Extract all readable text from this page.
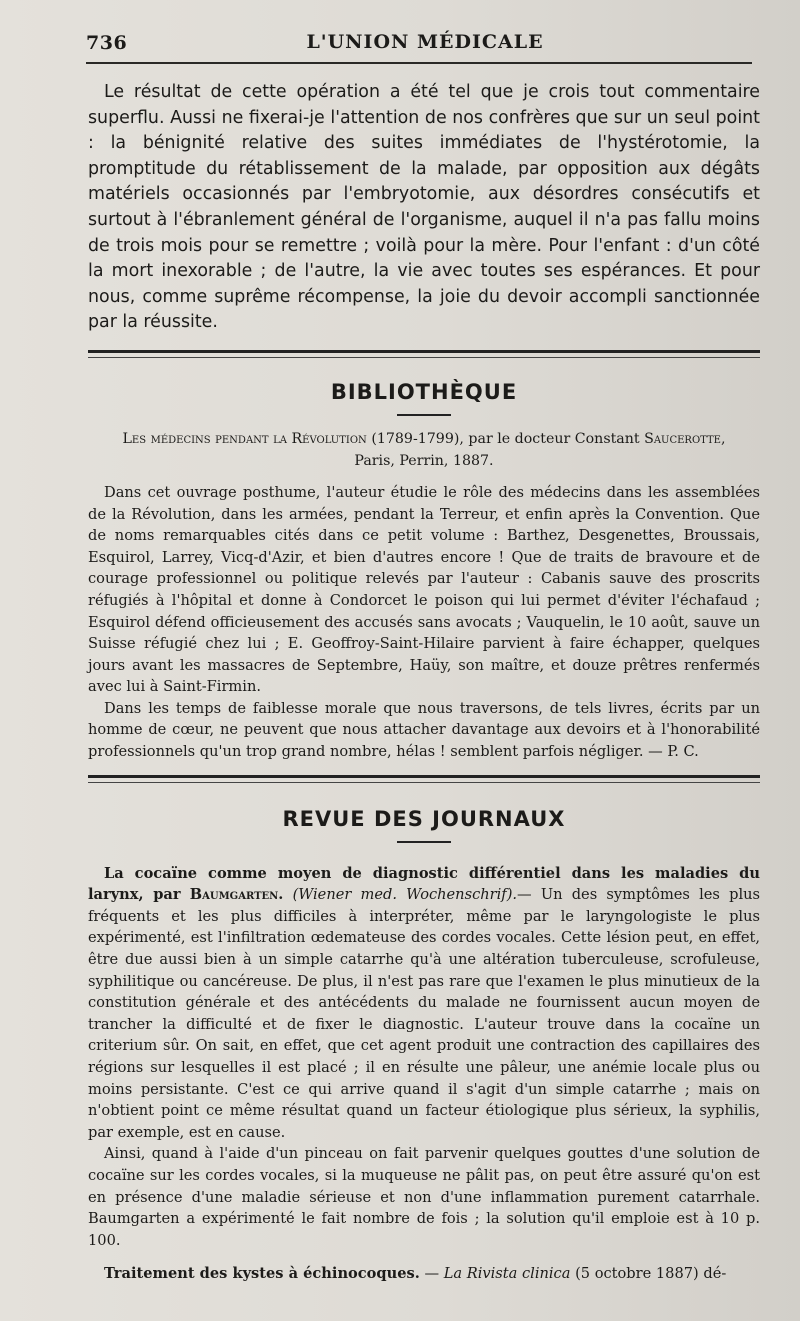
736	L'UNION MÉDICALE

Le résultat de cette opération a été tel que je crois tout commentaire superflu. Aussi ne fixerai-je l'attention de nos confrères que sur un seul point : la bénignité relative des suites immédiates de l'hystérotomie, la promptitude du rétablissement de la malade, par opposition aux dégâts matériels occasionnés par l'embryotomie, aux désordres consécutifs et surtout à l'ébranlement général de l'organisme, auquel il n'a pas fallu moins de trois mois pour se remettre ; voilà pour la mère. Pour l'enfant : d'un côté la mort inexorable ; de l'autre, la vie avec toutes ses espérances. Et pour nous, comme suprême récompense, la joie du devoir accompli sanctionnée par la réussite.

BIBLIOTHÈQUE

Les médecins pendant la Révolution (1789-1799), par le docteur Constant Saucerotte,
Paris, Perrin, 1887.

Dans cet ouvrage posthume, l'auteur étudie le rôle des médecins dans les assemblées de la Révolution, dans les armées, pendant la Terreur, et enfin après la Convention. Que de noms remarquables cités dans ce petit volume : Barthez, Desgenettes, Broussais, Esquirol, Larrey, Vicq-d'Azir, et bien d'autres encore ! Que de traits de bravoure et de courage professionnel ou politique relevés par l'auteur : Cabanis sauve des proscrits réfugiés à l'hôpital et donne à Condorcet le poison qui lui permet d'éviter l'échafaud ; Esquirol défend officieusement des accusés sans avocats ; Vauquelin, le 10 août, sauve un Suisse réfugié chez lui ; E. Geoffroy-Saint-Hilaire parvient à faire échapper, quelques jours avant les massacres de Septembre, Haüy, son maître, et douze prêtres renfermés avec lui à Saint-Firmin.

Dans les temps de faiblesse morale que nous traversons, de tels livres, écrits par un homme de cœur, ne peuvent que nous attacher davantage aux devoirs et à l'honorabilité professionnels qu'un trop grand nombre, hélas ! semblent parfois négliger. — P. C.

REVUE DES JOURNAUX

La cocaïne comme moyen de diagnostic différentiel dans les maladies du larynx, par Baumgarten. (Wiener med. Wochenschrif).— Un des symptômes les plus fréquents et les plus difficiles à interpréter, même par le laryngologiste le plus expérimenté, est l'infiltration œdemateuse des cordes vocales. Cette lésion peut, en effet, être due aussi bien à un simple catarrhe qu'à une altération tuberculeuse, scrofuleuse, syphilitique ou cancéreuse. De plus, il n'est pas rare que l'examen le plus minutieux de la constitution générale et des antécédents du malade ne fournissent aucun moyen de trancher la difficulté et de fixer le diagnostic. L'auteur trouve dans la cocaïne un criterium sûr. On sait, en effet, que cet agent produit une contraction des capillaires des régions sur lesquelles il est placé ; il en résulte une pâleur, une anémie locale plus ou moins persistante. C'est ce qui arrive quand il s'agit d'un simple catarrhe ; mais on n'obtient point ce même résultat quand un facteur étiologique plus sérieux, la syphilis, par exemple, est en cause.

Ainsi, quand à l'aide d'un pinceau on fait parvenir quelques gouttes d'une solution de cocaïne sur les cordes vocales, si la muqueuse ne pâlit pas, on peut être assuré qu'on est en présence d'une maladie sérieuse et non d'une inflammation purement catarrhale. Baumgarten a expérimenté le fait nombre de fois ; la solution qu'il emploie est à 10 p. 100.

Traitement des kystes à échinocoques. — La Rivista clinica (5 octobre 1887) dé-
